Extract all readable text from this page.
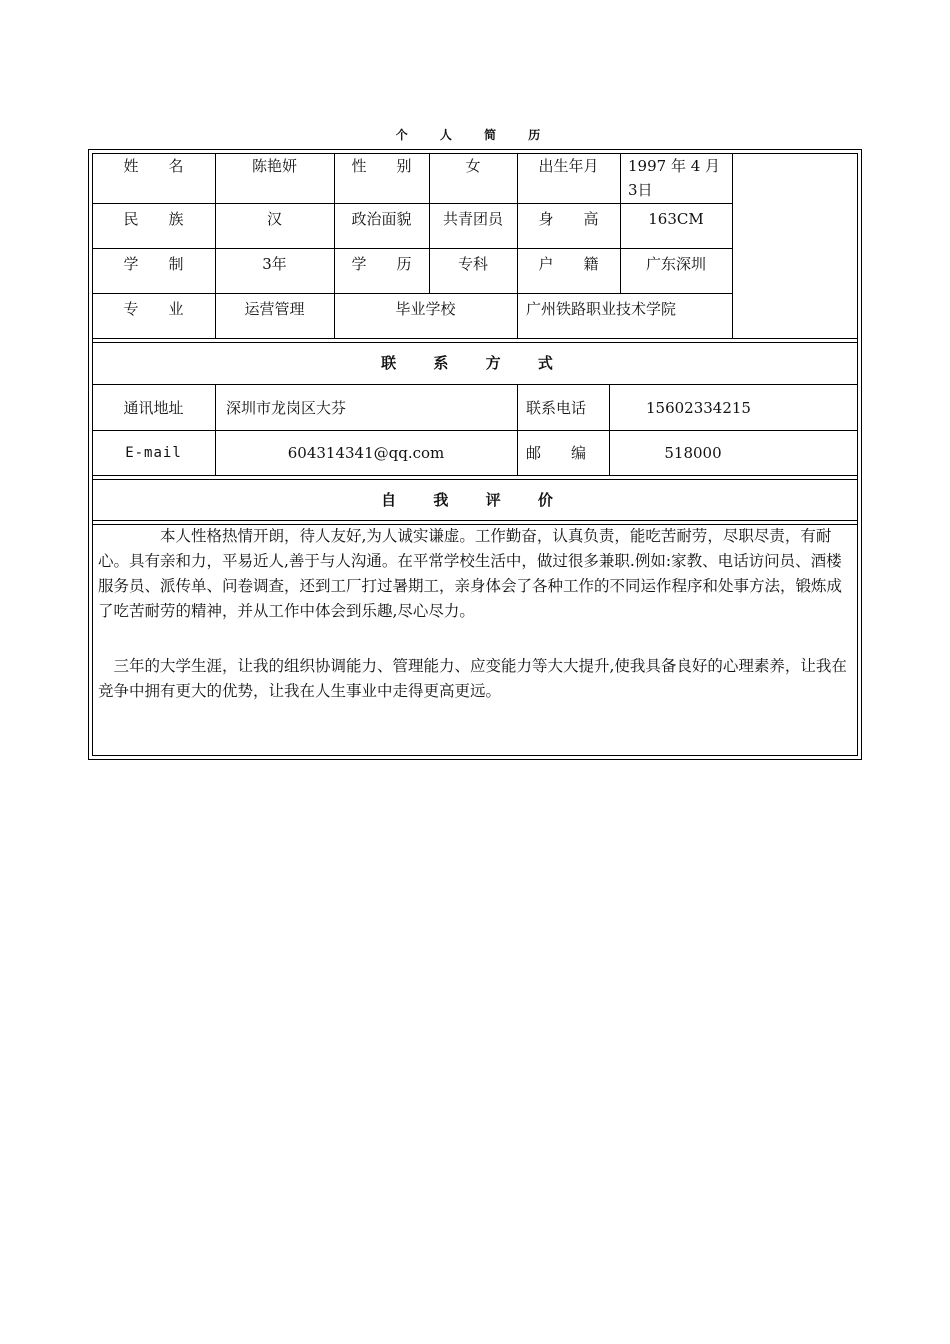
个 人 简 历
姓　　名	陈艳妍	性　　别	女	出生年月	1997 年 4 月
3日
民　　族	汉	政治面貌	共青团员	身　　高	163CM
学　　制	3年	学　　历	专科	户　　籍	广东深圳
专　　业	运营管理	毕业学校	广州铁路职业技术学院
联 系 方 式
通讯地址	深圳市龙岗区大芬	联系电话	15602334215
E-mail	604314341@qq.com	邮　　编	518000
自 我 评 价
　　　　本人性格热情开朗，待人友好,为人诚实谦虚。工作勤奋，认真负责，能吃苦耐劳，尽职尽责，有耐心。具有亲和力，平易近人,善于与人沟通。在平常学校生活中，做过很多兼职.例如:家教、电话访问员、酒楼服务员、派传单、问卷调查，还到工厂打过暑期工，亲身体会了各种工作的不同运作程序和处事方法，锻炼成了吃苦耐劳的精神，并从工作中体会到乐趣,尽心尽力。
　三年的大学生涯，让我的组织协调能力、管理能力、应变能力等大大提升,使我具备良好的心理素养，让我在竞争中拥有更大的优势，让我在人生事业中走得更高更远。
